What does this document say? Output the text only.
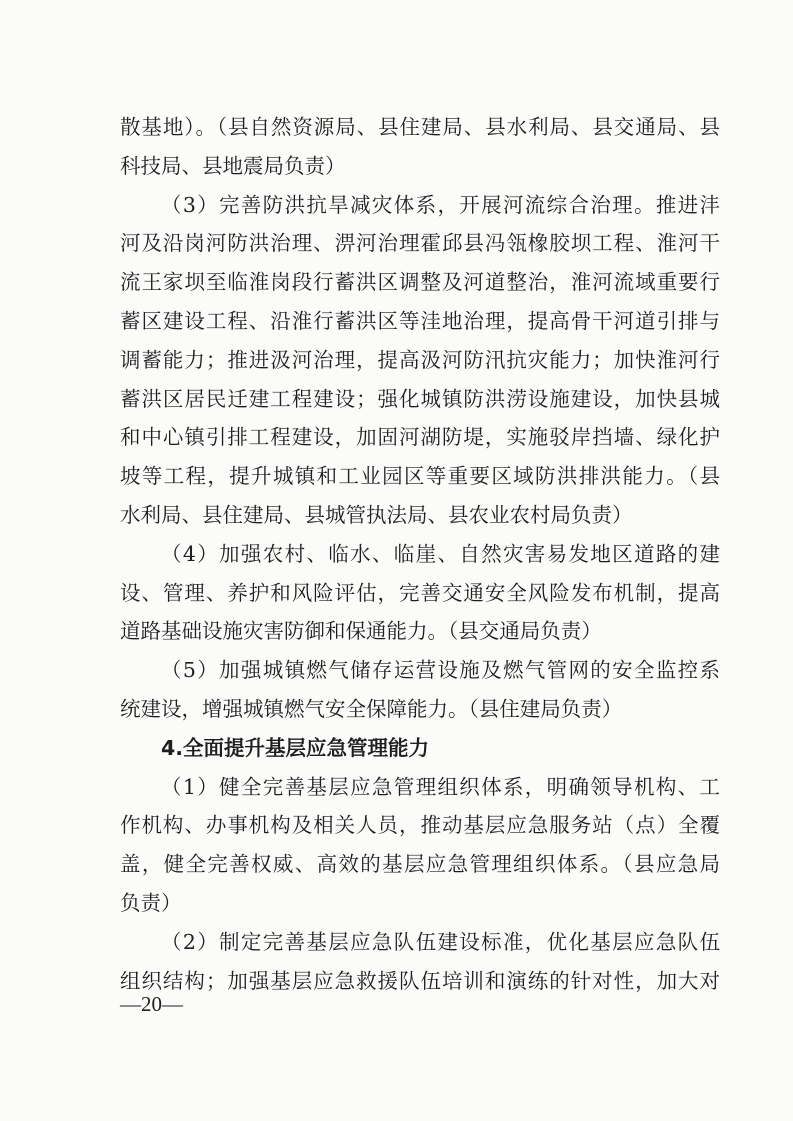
散基地）。（县自然资源局、县住建局、县水利局、县交通局、县
科技局、县地震局负责）
（3）完善防洪抗旱减灾体系，开展河流综合治理。推进沣
河及沿岗河防洪治理、淠河治理霍邱县冯瓴橡胶坝工程、淮河干
流王家坝至临淮岗段行蓄洪区调整及河道整治，淮河流域重要行
蓄区建设工程、沿淮行蓄洪区等洼地治理，提高骨干河道引排与
调蓄能力；推进汲河治理，提高汲河防汛抗灾能力；加快淮河行
蓄洪区居民迁建工程建设；强化城镇防洪涝设施建设，加快县城
和中心镇引排工程建设，加固河湖防堤，实施驳岸挡墙、绿化护
坡等工程，提升城镇和工业园区等重要区域防洪排洪能力。（县
水利局、县住建局、县城管执法局、县农业农村局负责）
（4）加强农村、临水、临崖、自然灾害易发地区道路的建
设、管理、养护和风险评估，完善交通安全风险发布机制，提高
道路基础设施灾害防御和保通能力。（县交通局负责）
（5）加强城镇燃气储存运营设施及燃气管网的安全监控系
统建设，增强城镇燃气安全保障能力。（县住建局负责）
4.全面提升基层应急管理能力
（1）健全完善基层应急管理组织体系，明确领导机构、工
作机构、办事机构及相关人员，推动基层应急服务站（点）全覆
盖，健全完善权威、高效的基层应急管理组织体系。（县应急局
负责）
（2）制定完善基层应急队伍建设标准，优化基层应急队伍
组织结构；加强基层应急救援队伍培训和演练的针对性，加大对
—20—
